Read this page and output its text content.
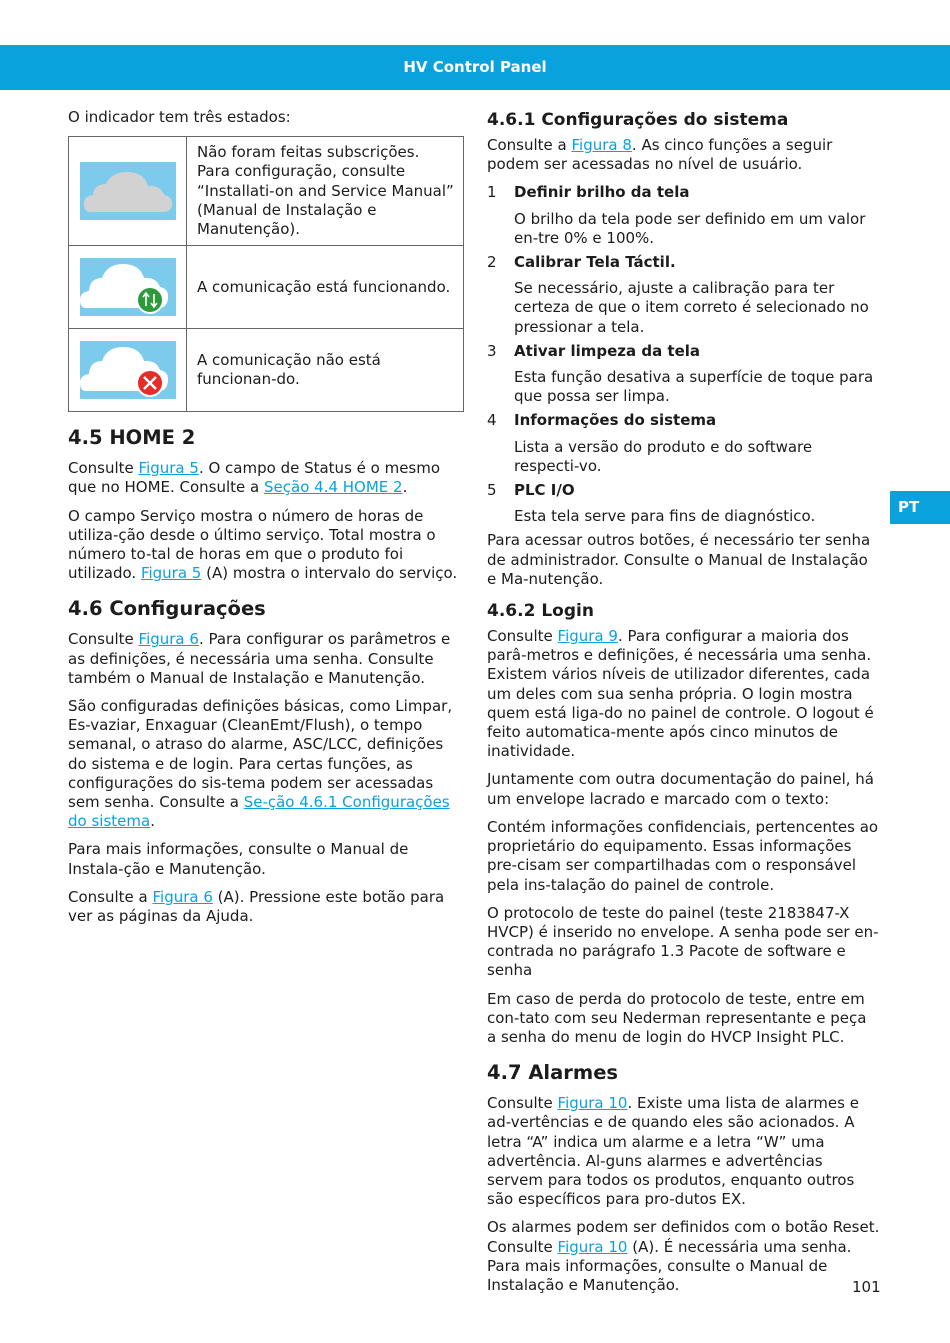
HV Control Panel
PT

O indicador tem três estados:

	Não foram feitas subscrições. Para configuração, consulte “Installati-on and Service Manual” (Manual de Instalação e Manutenção).

	A comunicação está funcionando.

	A comunicação não está funcionan-do.
4.5 HOME 2

Consulte Figura 5. O campo de Status é o mesmo que no HOME. Consulte a Seção 4.4 HOME 2.

O campo Serviço mostra o número de horas de utiliza-ção desde o último serviço. Total mostra o número to-tal de horas em que o produto foi utilizado. Figura 5 (A) mostra o intervalo do serviço.

4.6 Configurações

Consulte Figura 6. Para configurar os parâmetros e as definições, é necessária uma senha. Consulte também o Manual de Instalação e Manutenção.

São configuradas definições básicas, como Limpar, Es-vaziar, Enxaguar (CleanEmt/Flush), o tempo semanal, o atraso do alarme, ASC/LCC, definições do sistema e de login. Para certas funções, as configurações do sis-tema podem ser acessadas sem senha. Consulte a Se-ção 4.6.1 Configurações do sistema.

Para mais informações, consulte o Manual de Instala-ção e Manutenção.

Consulte a Figura 6 (A). Pressione este botão para ver as páginas da Ajuda.

4.6.1 Configurações do sistema

Consulte a Figura 8. As cinco funções a seguir podem ser acessadas no nível de usuário.

1	Definir brilho da tela

O brilho da tela pode ser definido em um valor en-tre 0% e 100%.

2	Calibrar Tela Táctil.

Se necessário, ajuste a calibração para ter certeza de que o item correto é selecionado no pressionar a tela.

3	Ativar limpeza da tela

Esta função desativa a superfície de toque para que possa ser limpa.

4	Informações do sistema

Lista a versão do produto e do software respecti-vo.

5	PLC I/O

Esta tela serve para fins de diagnóstico.

Para acessar outros botões, é necessário ter senha de administrador. Consulte o Manual de Instalação e Ma-nutenção.

4.6.2 Login

Consulte Figura 9. Para configurar a maioria dos parâ-metros e definições, é necessária uma senha. Existem vários níveis de utilizador diferentes, cada um deles com sua senha própria. O login mostra quem está liga-do no painel de controle. O logout é feito automatica-mente após cinco minutos de inatividade.

Juntamente com outra documentação do painel, há um envelope lacrado e marcado com o texto:

Contém informações confidenciais, pertencentes ao proprietário do equipamento. Essas informações pre-cisam ser compartilhadas com o responsável pela ins-talação do painel de controle.

O protocolo de teste do painel (teste 2183847-X HVCP) é inserido no envelope. A senha pode ser en-contrada no parágrafo 1.3 Pacote de software e senha

Em caso de perda do protocolo de teste, entre em con-tato com seu Nederman representante e peça a senha do menu de login do HVCP Insight PLC.

4.7 Alarmes

Consulte Figura 10. Existe uma lista de alarmes e ad-vertências e de quando eles são acionados. A letra “A” indica um alarme e a letra “W” uma advertência. Al-guns alarmes e advertências servem para todos os produtos, enquanto outros são específicos para pro-dutos EX.

Os alarmes podem ser definidos com o botão Reset. Consulte Figura 10 (A). É necessária uma senha. Para mais informações, consulte o Manual de Instalação e Manutenção.	101
